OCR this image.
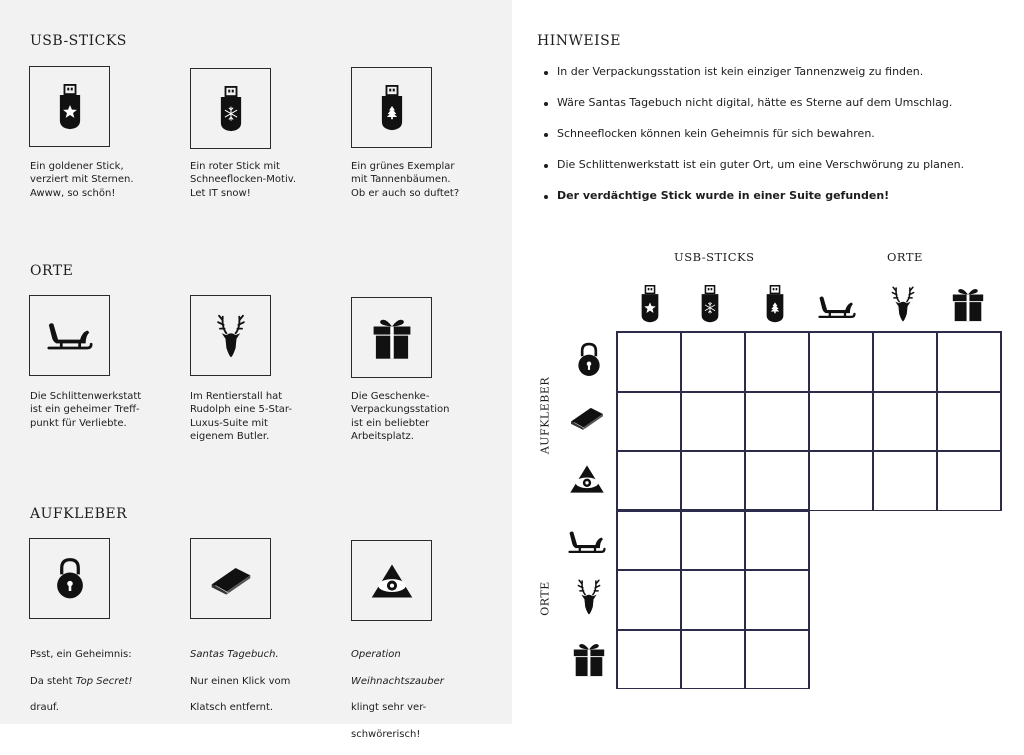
USB-STICKS
Ein goldener Stick,
verziert mit Sternen.
Awww, so schön!
Ein roter Stick mit
Schneeflocken-Motiv.
Let IT snow!
Ein grünes Exemplar
mit Tannenbäumen.
Ob er auch so duftet?
ORTE
Die Schlittenwerkstatt
ist ein geheimer Treff-
punkt für Verliebte.
Im Rentierstall hat
Rudolph eine 5-Star-
Luxus-Suite mit
eigenem Butler.
Die Geschenke-
Verpackungsstation
ist ein beliebter
Arbeitsplatz.
AUFKLEBER

Psst, ein Geheimnis:

Da steht Top Secret!

drauf.

Santas Tagebuch.

Nur einen Klick vom

Klatsch entfernt.

Operation

Weihnachtszauber

klingt sehr ver-

schwörerisch!

HINWEISE
In der Verpackungsstation ist kein einziger Tannenzweig zu finden.
Wäre Santas Tagebuch nicht digital, hätte es Sterne auf dem Umschlag.
Schneeflocken können kein Geheimnis für sich bewahren.
Die Schlittenwerkstatt ist ein guter Ort, um eine Verschwörung zu planen.
Der verdächtige Stick wurde in einer Suite gefunden!
USB-STICKS	ORTE
AUFKLEBER
ORTE
